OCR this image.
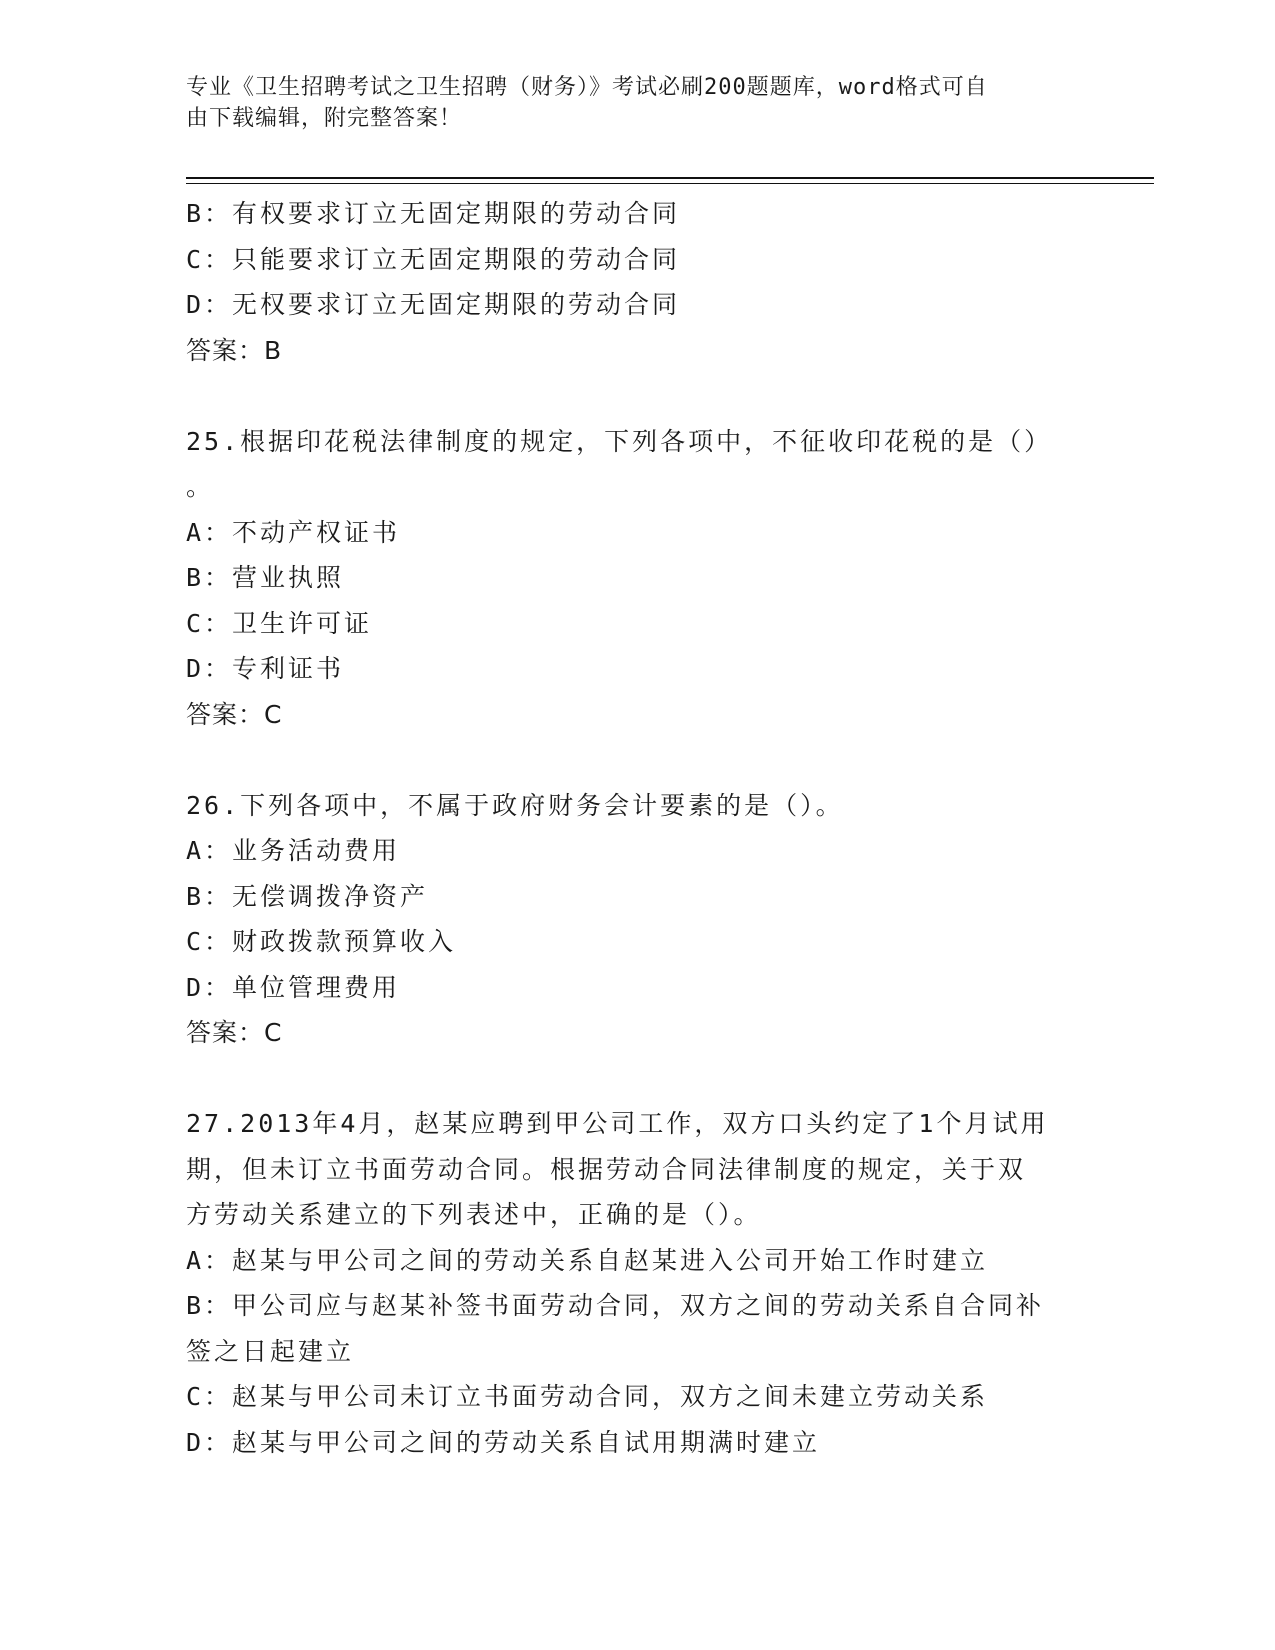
专业《卫生招聘考试之卫生招聘（财务）》考试必刷200题题库，word格式可自
由下载编辑，附完整答案！
B：有权要求订立无固定期限的劳动合同
C：只能要求订立无固定期限的劳动合同
D：无权要求订立无固定期限的劳动合同
答案：B
25.根据印花税法律制度的规定，下列各项中，不征收印花税的是（）
。
A：不动产权证书
B：营业执照
C：卫生许可证
D：专利证书
答案：C
26.下列各项中，不属于政府财务会计要素的是（）。
A：业务活动费用
B：无偿调拨净资产
C：财政拨款预算收入
D：单位管理费用
答案：C
27.2013年4月，赵某应聘到甲公司工作，双方口头约定了1个月试用
期，但未订立书面劳动合同。根据劳动合同法律制度的规定，关于双
方劳动关系建立的下列表述中，正确的是（）。
A：赵某与甲公司之间的劳动关系自赵某进入公司开始工作时建立
B：甲公司应与赵某补签书面劳动合同，双方之间的劳动关系自合同补
签之日起建立
C：赵某与甲公司未订立书面劳动合同，双方之间未建立劳动关系
D：赵某与甲公司之间的劳动关系自试用期满时建立
